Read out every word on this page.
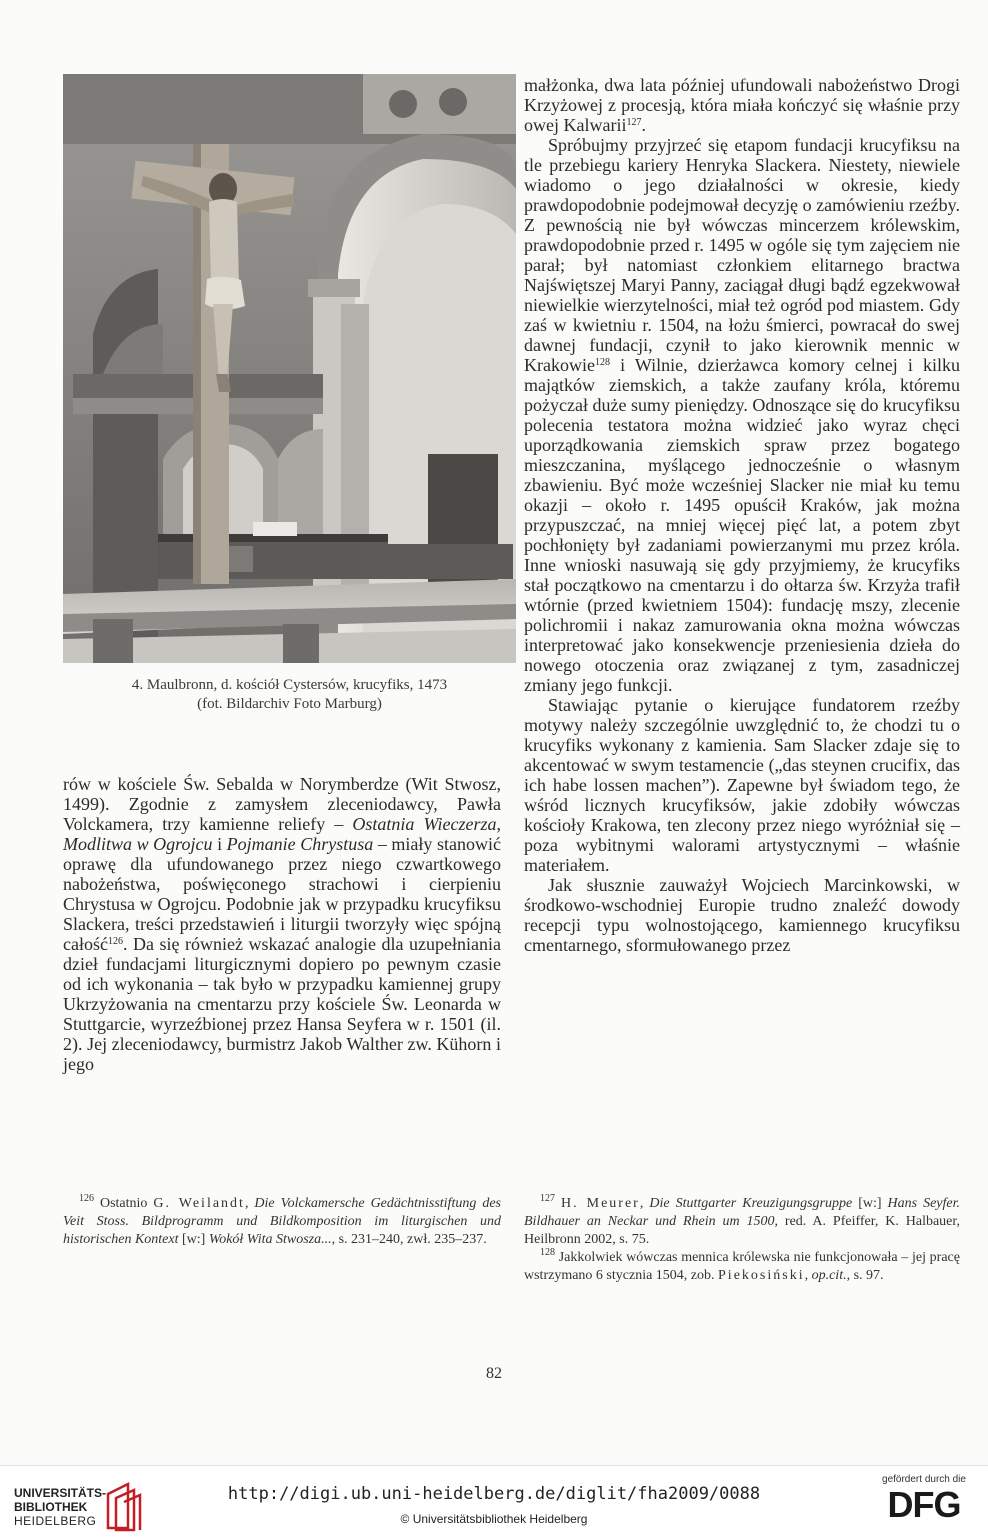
4. Maulbronn, d. kościół Cystersów, krucyfiks, 1473
(fot. Bildarchiv Foto Marburg)

rów w kościele Św. Sebalda w Norymberdze (Wit Stwosz, 1499). Zgodnie z zamysłem zleceniodawcy, Pawła Volckamera, trzy kamienne reliefy – Ostatnia Wieczerza, Modlitwa w Ogrojcu i Pojmanie Chrystusa – miały stanowić oprawę dla ufundowanego przez niego czwartkowego nabożeństwa, poświęconego strachowi i cierpieniu Chrystusa w Ogrojcu. Podobnie jak w przypadku krucyfiksu Slackera, treści przedstawień i liturgii tworzyły więc spójną całość$^{126}$. Da się również wskazać analogie dla uzupełniania dzieł fundacjami liturgicznymi dopiero po pewnym czasie od ich wykonania – tak było w przypadku kamiennej grupy Ukrzyżowania na cmentarzu przy kościele Św. Leonarda w Stuttgarcie, wyrzeźbionej przez Hansa Seyfera w r. 1501 (il. 2). Jej zleceniodawcy, burmistrz Jakob Walther zw. Kühorn i jego

małżonka, dwa lata później ufundowali nabożeństwo Drogi Krzyżowej z procesją, która miała kończyć się właśnie przy owej Kalwarii$^{127}$.

Spróbujmy przyjrzeć się etapom fundacji krucyfiksu na tle przebiegu kariery Henryka Slackera. Niestety, niewiele wiadomo o jego działalności w okresie, kiedy prawdopodobnie podejmował decyzję o zamówieniu rzeźby. Z pewnością nie był wówczas mincerzem królewskim, prawdopodobnie przed r. 1495 w ogóle się tym zajęciem nie parał; był natomiast członkiem elitarnego bractwa Najświętszej Maryi Panny, zaciągał długi bądź egzekwował niewielkie wierzytelności, miał też ogród pod miastem. Gdy zaś w kwietniu r. 1504, na łożu śmierci, powracał do swej dawnej fundacji, czynił to jako kierownik mennic w Krakowie$^{128}$ i Wilnie, dzierżawca komory celnej i kilku majątków ziemskich, a także zaufany króla, któremu pożyczał duże sumy pieniędzy. Odnoszące się do krucyfiksu polecenia testatora można widzieć jako wyraz chęci uporządkowania ziemskich spraw przez bogatego mieszczanina, myślącego jednocześnie o własnym zbawieniu. Być może wcześniej Slacker nie miał ku temu okazji – około r. 1495 opuścił Kraków, jak można przypuszczać, na mniej więcej pięć lat, a potem zbyt pochłonięty był zadaniami powierzanymi mu przez króla. Inne wnioski nasuwają się gdy przyjmiemy, że krucyfiks stał początkowo na cmentarzu i do ołtarza św. Krzyża trafił wtórnie (przed kwietniem 1504): fundację mszy, zlecenie polichromii i nakaz zamurowania okna można wówczas interpretować jako konsekwencje przeniesienia dzieła do nowego otoczenia oraz związanej z tym, zasadniczej zmiany jego funkcji.

Stawiając pytanie o kierujące fundatorem rzeźby motywy należy szczególnie uwzględnić to, że chodzi tu o krucyfiks wykonany z kamienia. Sam Slacker zdaje się to akcentować w swym testamencie („das steynen crucifix, das ich habe lossen machen”). Zapewne był świadom tego, że wśród licznych krucyfiksów, jakie zdobiły wówczas kościoły Krakowa, ten zlecony przez niego wyróżniał się – poza wybitnymi walorami artystycznymi – właśnie materiałem.

Jak słusznie zauważył Wojciech Marcinkowski, w środkowo-wschodniej Europie trudno znaleźć dowody recepcji typu wolnostojącego, kamiennego krucyfiksu cmentarnego, sformułowanego przez

$^{126}$ Ostatnio G. Weilandt, Die Volckamersche Gedächtnisstiftung des Veit Stoss. Bildprogramm und Bildkomposition im liturgischen und historischen Kontext [w:] Wokół Wita Stwosza..., s. 231–240, zwł. 235–237.

$^{127}$ H. Meurer, Die Stuttgarter Kreuzigungsgruppe [w:] Hans Seyfer. Bildhauer an Neckar und Rhein um 1500, red. A. Pfeiffer, K. Halbauer, Heilbronn 2002, s. 75.

$^{128}$ Jakkolwiek wówczas mennica królewska nie funkcjonowała – jej pracę wstrzymano 6 stycznia 1504, zob. Piekosiński, op.cit., s. 97.

82
UNIVERSITÄTS-
BIBLIOTHEK
HEIDELBERG
http://digi.ub.uni-heidelberg.de/diglit/fha2009/0088
© Universitätsbibliothek Heidelberg
gefördert durch die
DFG
